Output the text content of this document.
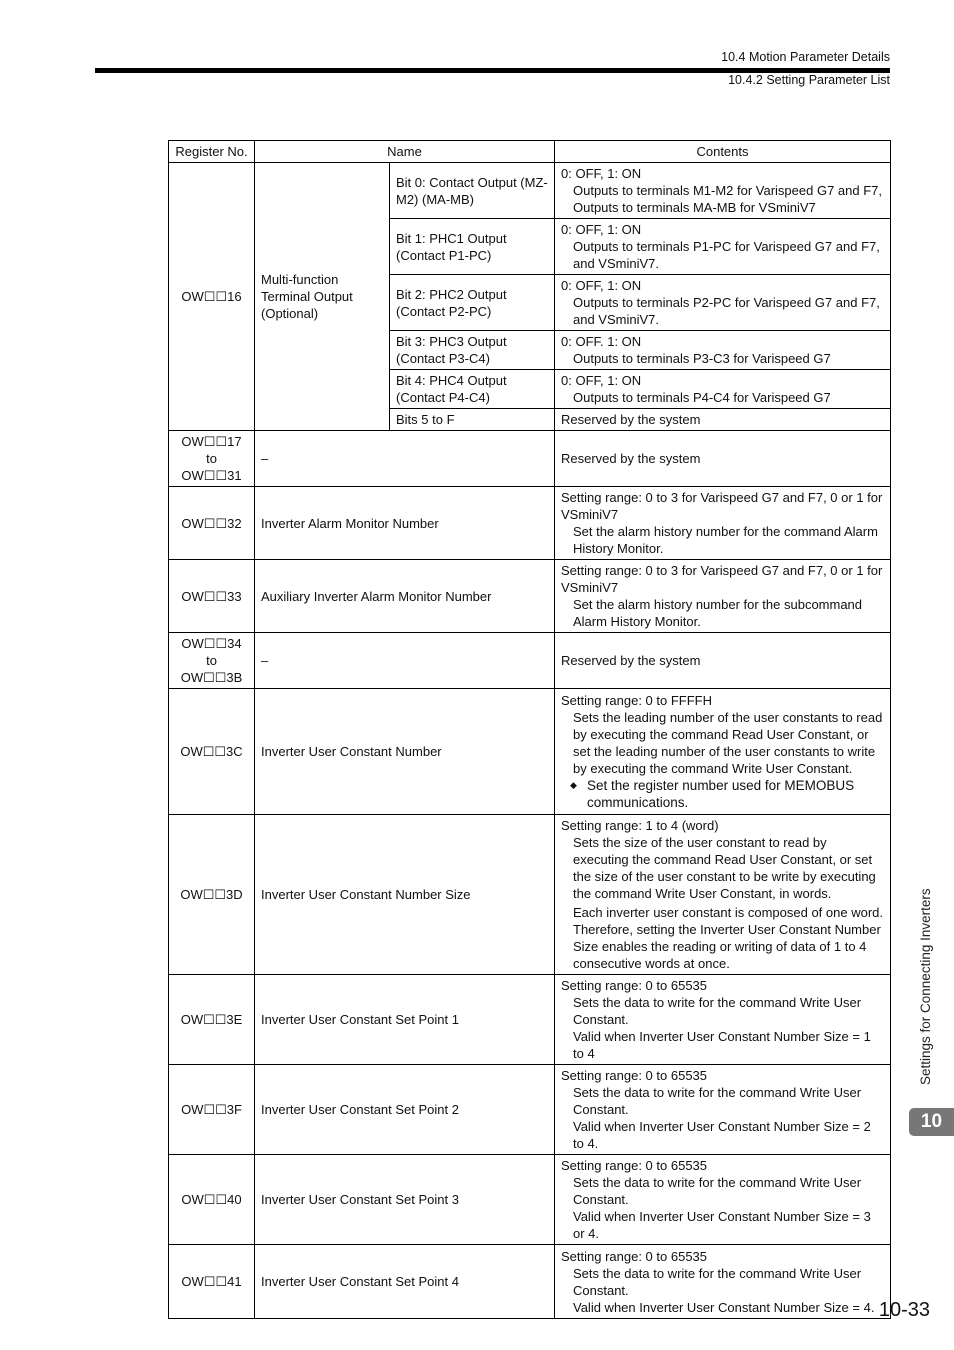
10.4 Motion Parameter Details
10.4.2 Setting Parameter List
Register No.	Name		Contents
OW☐☐16	Multi-function Terminal Output (Optional)	Bit 0: Contact Output (MZ-M2) (MA-MB)	0: OFF, 1: ON
Outputs to terminals M1-M2 for Varispeed G7 and F7, Outputs to terminals MA-MB for VSminiV7

		Bit 1: PHC1 Output (Contact P1-PC)	0: OFF, 1: ON
Outputs to terminals P1-PC for Varispeed G7 and F7, and VSminiV7.

		Bit 2: PHC2 Output (Contact P2-PC)	0: OFF, 1: ON
Outputs to terminals P2-PC for Varispeed G7 and F7, and VSminiV7.

		Bit 3: PHC3 Output (Contact P3-C4)	0: OFF. 1: ON
Outputs to terminals P3-C3 for Varispeed G7

		Bit 4: PHC4 Output (Contact P4-C4)	0: OFF, 1: ON
Outputs to terminals P4-C4 for Varispeed G7

		Bits 5 to F	Reserved by the system

OW☐☐17
to
OW☐☐31	–		Reserved by the system

OW☐☐32	Inverter Alarm Monitor Number		Setting range: 0 to 3 for Varispeed G7 and F7, 0 or 1 for VSminiV7
Set the alarm history number for the command Alarm History Monitor.

OW☐☐33	Auxiliary Inverter Alarm Monitor Number		Setting range: 0 to 3 for Varispeed G7 and F7, 0 or 1 for VSminiV7
Set the alarm history number for the subcommand Alarm History Monitor.

OW☐☐34
to
OW☐☐3B	–		Reserved by the system

OW☐☐3C	Inverter User Constant Number		Setting range: 0 to FFFFH
Sets the leading number of the user constants to read by executing the command Read User Constant, or set the leading number of the user constants to write by executing the command Write User Constant.
◆ Set the register number used for MEMOBUS communications.

OW☐☐3D	Inverter User Constant Number Size		Setting range: 1 to 4 (word)
Sets the size of the user constant to read by executing the command Read User Constant, or set the size of the user constant to be write by executing the command Write User Constant, in words.
Each inverter user constant is composed of one word. Therefore, setting the Inverter User Constant Number Size enables the reading or writing of data of 1 to 4 consecutive words at once.

OW☐☐3E	Inverter User Constant Set Point 1		Setting range: 0 to 65535
Sets the data to write for the command Write User Constant.
Valid when Inverter User Constant Number Size = 1 to 4

OW☐☐3F	Inverter User Constant Set Point 2		Setting range: 0 to 65535
Sets the data to write for the command Write User Constant.
Valid when Inverter User Constant Number Size = 2 to 4.

OW☐☐40	Inverter User Constant Set Point 3		Setting range: 0 to 65535
Sets the data to write for the command Write User Constant.
Valid when Inverter User Constant Number Size = 3 or 4.

OW☐☐41	Inverter User Constant Set Point 4		Setting range: 0 to 65535
Sets the data to write for the command Write User Constant.
Valid when Inverter User Constant Number Size = 4.
Settings for Connecting Inverters
10
10-33
